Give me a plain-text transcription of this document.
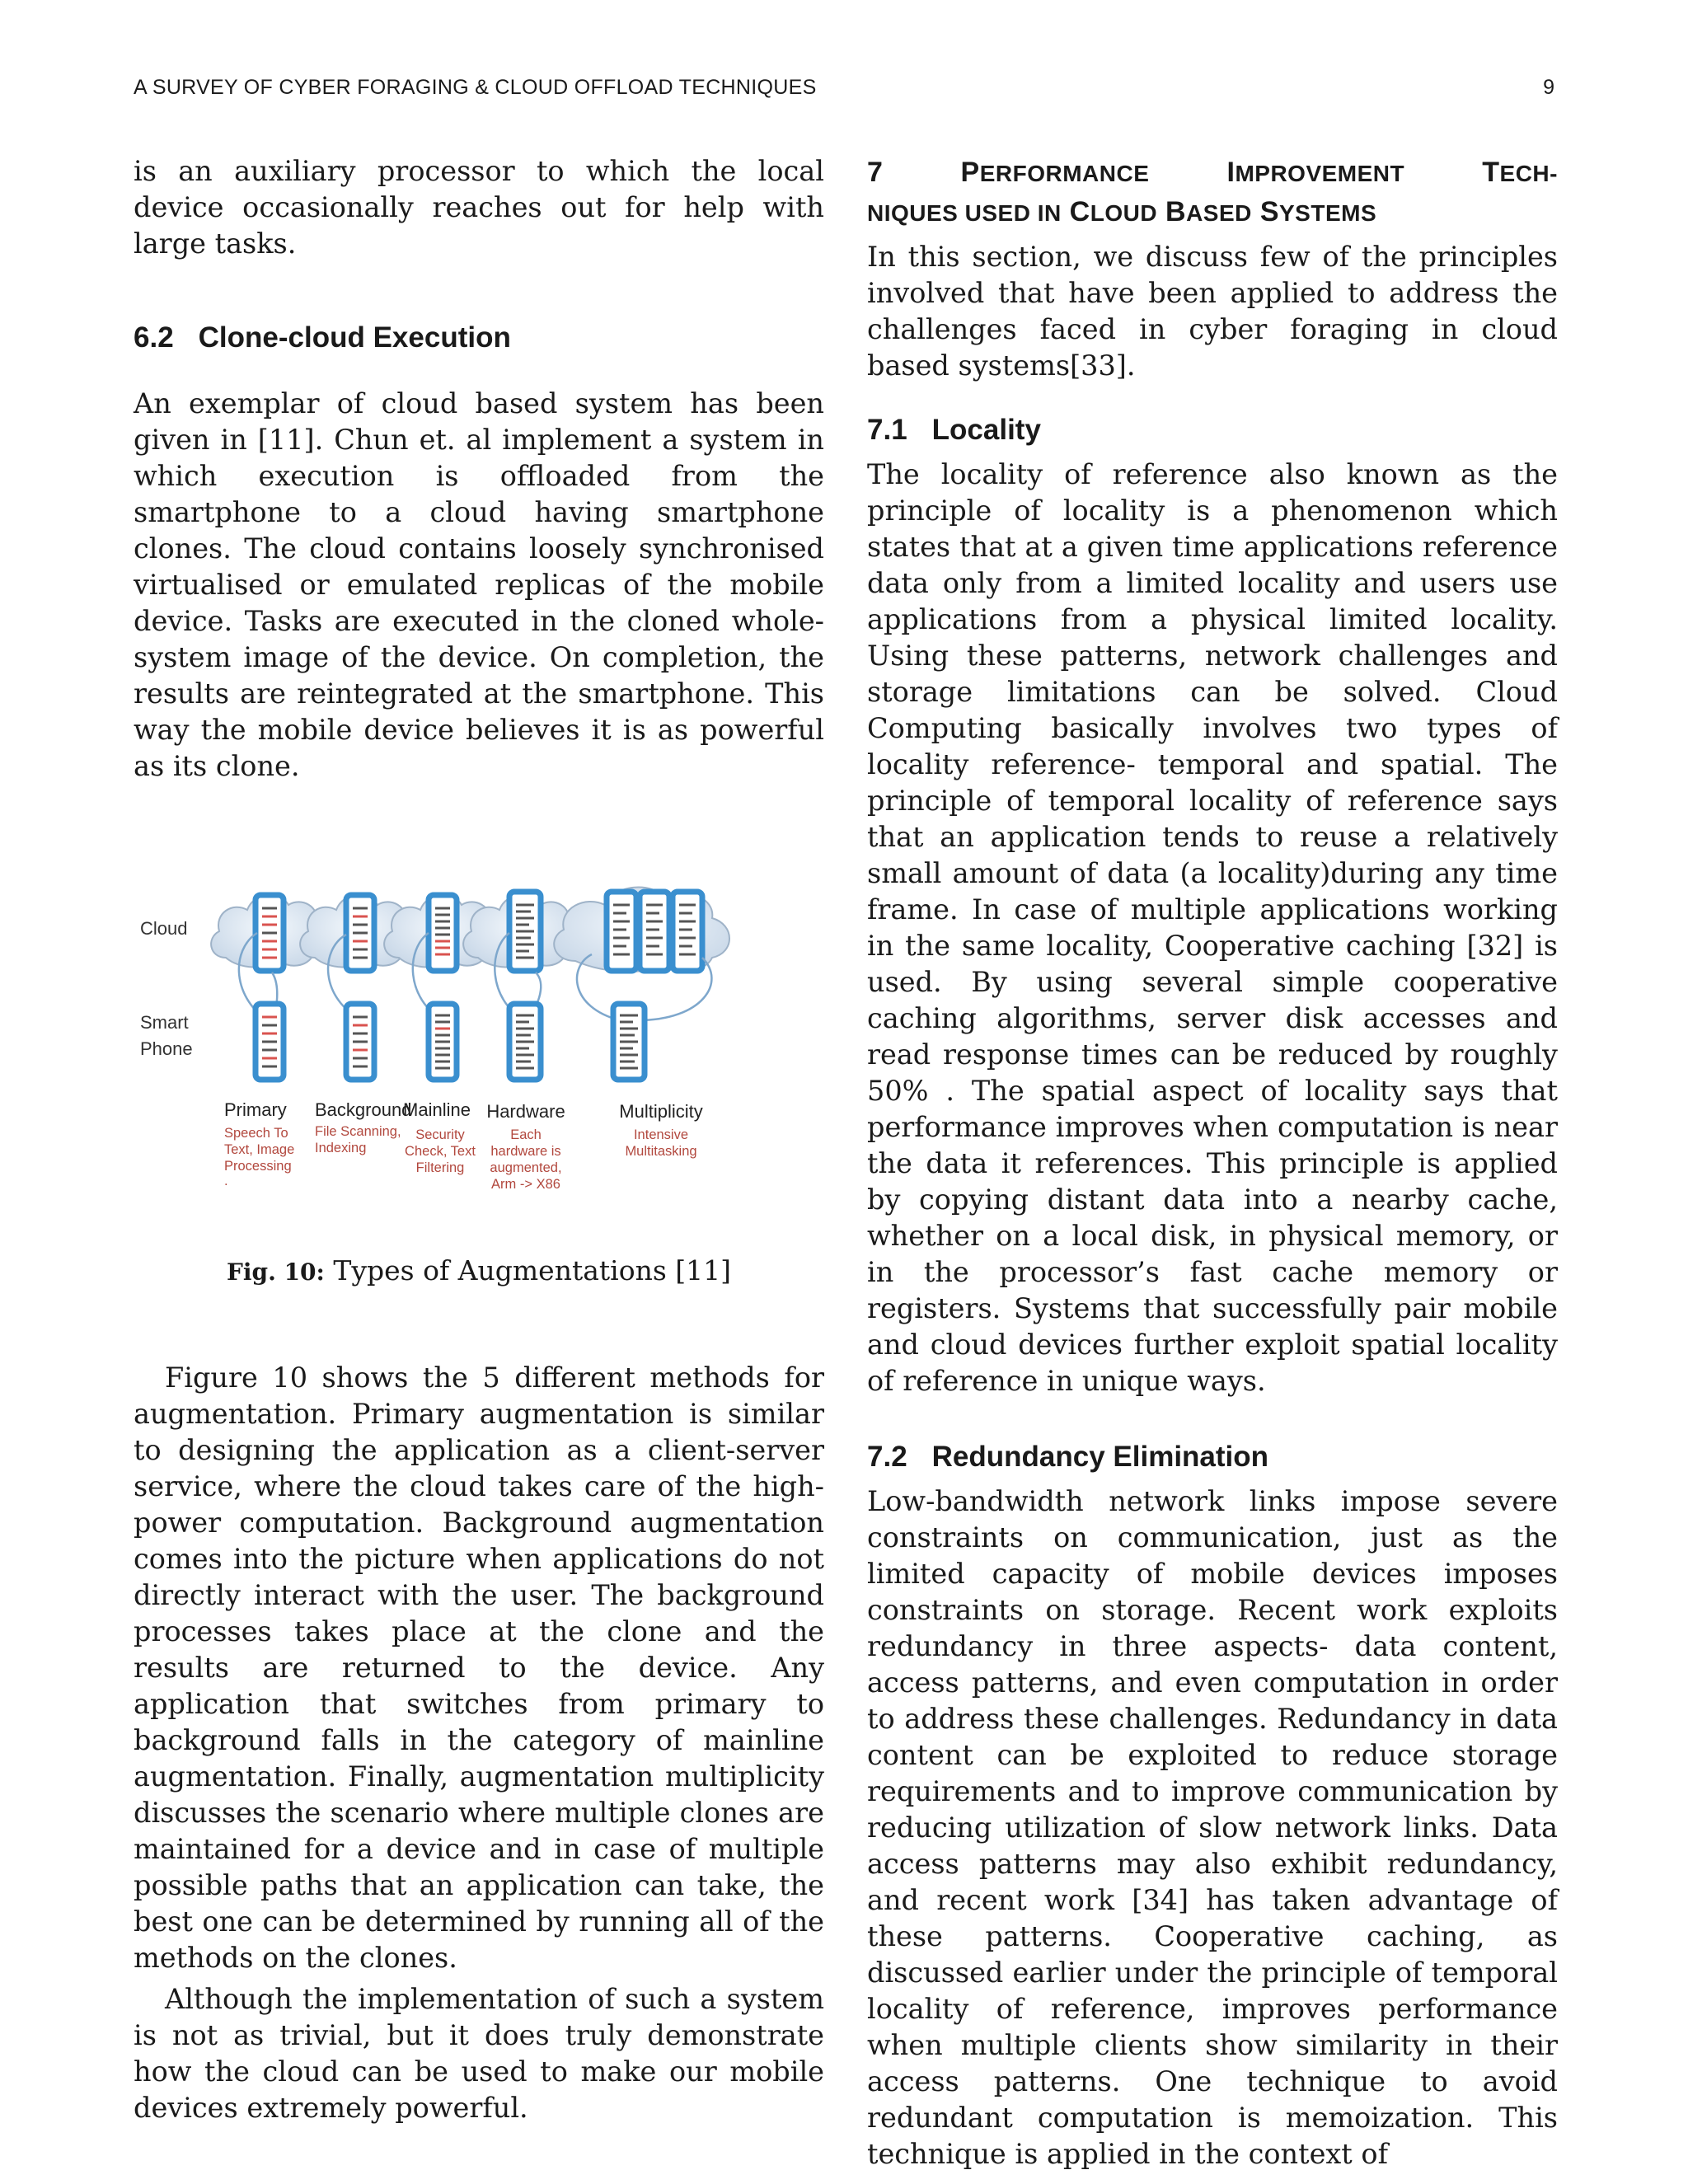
A SURVEY OF CYBER FORAGING & CLOUD OFFLOAD TECHNIQUES	9

is an auxiliary processor to which the local device occasionally reaches out for help with large tasks.

6.2 Clone-cloud Execution

An exemplar of cloud based system has been given in [11]. Chun et. al implement a system in which execution is offloaded from the smartphone to a cloud having smartphone clones. The cloud contains loosely synchronised virtualised or emulated replicas of the mobile device. Tasks are executed in the cloned whole-system image of the device. On completion, the results are reintegrated at the smartphone. This way the mobile device believes it is as powerful as its clone.

Cloud
Smart
Phone
Primary Background
Mainline Hardware	Multiplicity
Speech To
Text, Image
Processing
.
File Scanning,
Indexing
Security
Check, Text
Filtering
Each
hardware is
augmented,
Arm -> X86
Intensive
Multitasking
Fig. 10: Types of Augmentations [11]

Figure 10 shows the 5 different methods for augmentation. Primary augmentation is similar to designing the application as a client-server service, where the cloud takes care of the high-power computation. Background augmentation comes into the picture when applications do not directly interact with the user. The background processes takes place at the clone and the results are returned to the device. Any application that switches from primary to background falls in the category of mainline augmentation. Finally, augmentation multiplicity discusses the scenario where multiple clones are maintained for a device and in case of multiple possible paths that an application can take, the best one can be determined by running all of the methods on the clones.

Although the implementation of such a system is not as trivial, but it does truly demonstrate how the cloud can be used to make our mobile devices extremely powerful.

7	PERFORMANCE	IMPROVEMENT	TECH-
NIQUES USED IN CLOUD BASED SYSTEMS

In this section, we discuss few of the principles involved that have been applied to address the challenges faced in cyber foraging in cloud based systems[33].

7.1 Locality

The locality of reference also known as the principle of locality is a phenomenon which states that at a given time applications reference data only from a limited locality and users use applications from a physical limited locality. Using these patterns, network challenges and storage limitations can be solved. Cloud Computing basically involves two types of locality reference- temporal and spatial. The principle of temporal locality of reference says that an application tends to reuse a relatively small amount of data (a locality)during any time frame. In case of multiple applications working in the same locality, Cooperative caching [32] is used. By using several simple cooperative caching algorithms, server disk accesses and read response times can be reduced by roughly 50% . The spatial aspect of locality says that performance improves when computation is near the data it references. This principle is applied by copying distant data into a nearby cache, whether on a local disk, in physical memory, or in the processor’s fast cache memory or registers. Systems that successfully pair mobile and cloud devices further exploit spatial locality of reference in unique ways.

7.2 Redundancy Elimination

Low-bandwidth network links impose severe constraints on communication, just as the limited capacity of mobile devices imposes constraints on storage. Recent work exploits redundancy in three aspects- data content, access patterns, and even computation in order to address these challenges. Redundancy in data content can be exploited to reduce storage requirements and to improve communication by reducing utilization of slow network links. Data access patterns may also exhibit redundancy, and recent work [34] has taken advantage of these patterns. Cooperative caching, as discussed earlier under the principle of temporal locality of reference, improves performance when multiple clients show similarity in their access patterns. One technique to avoid redundant computation is memoization. This technique is applied in the context of
